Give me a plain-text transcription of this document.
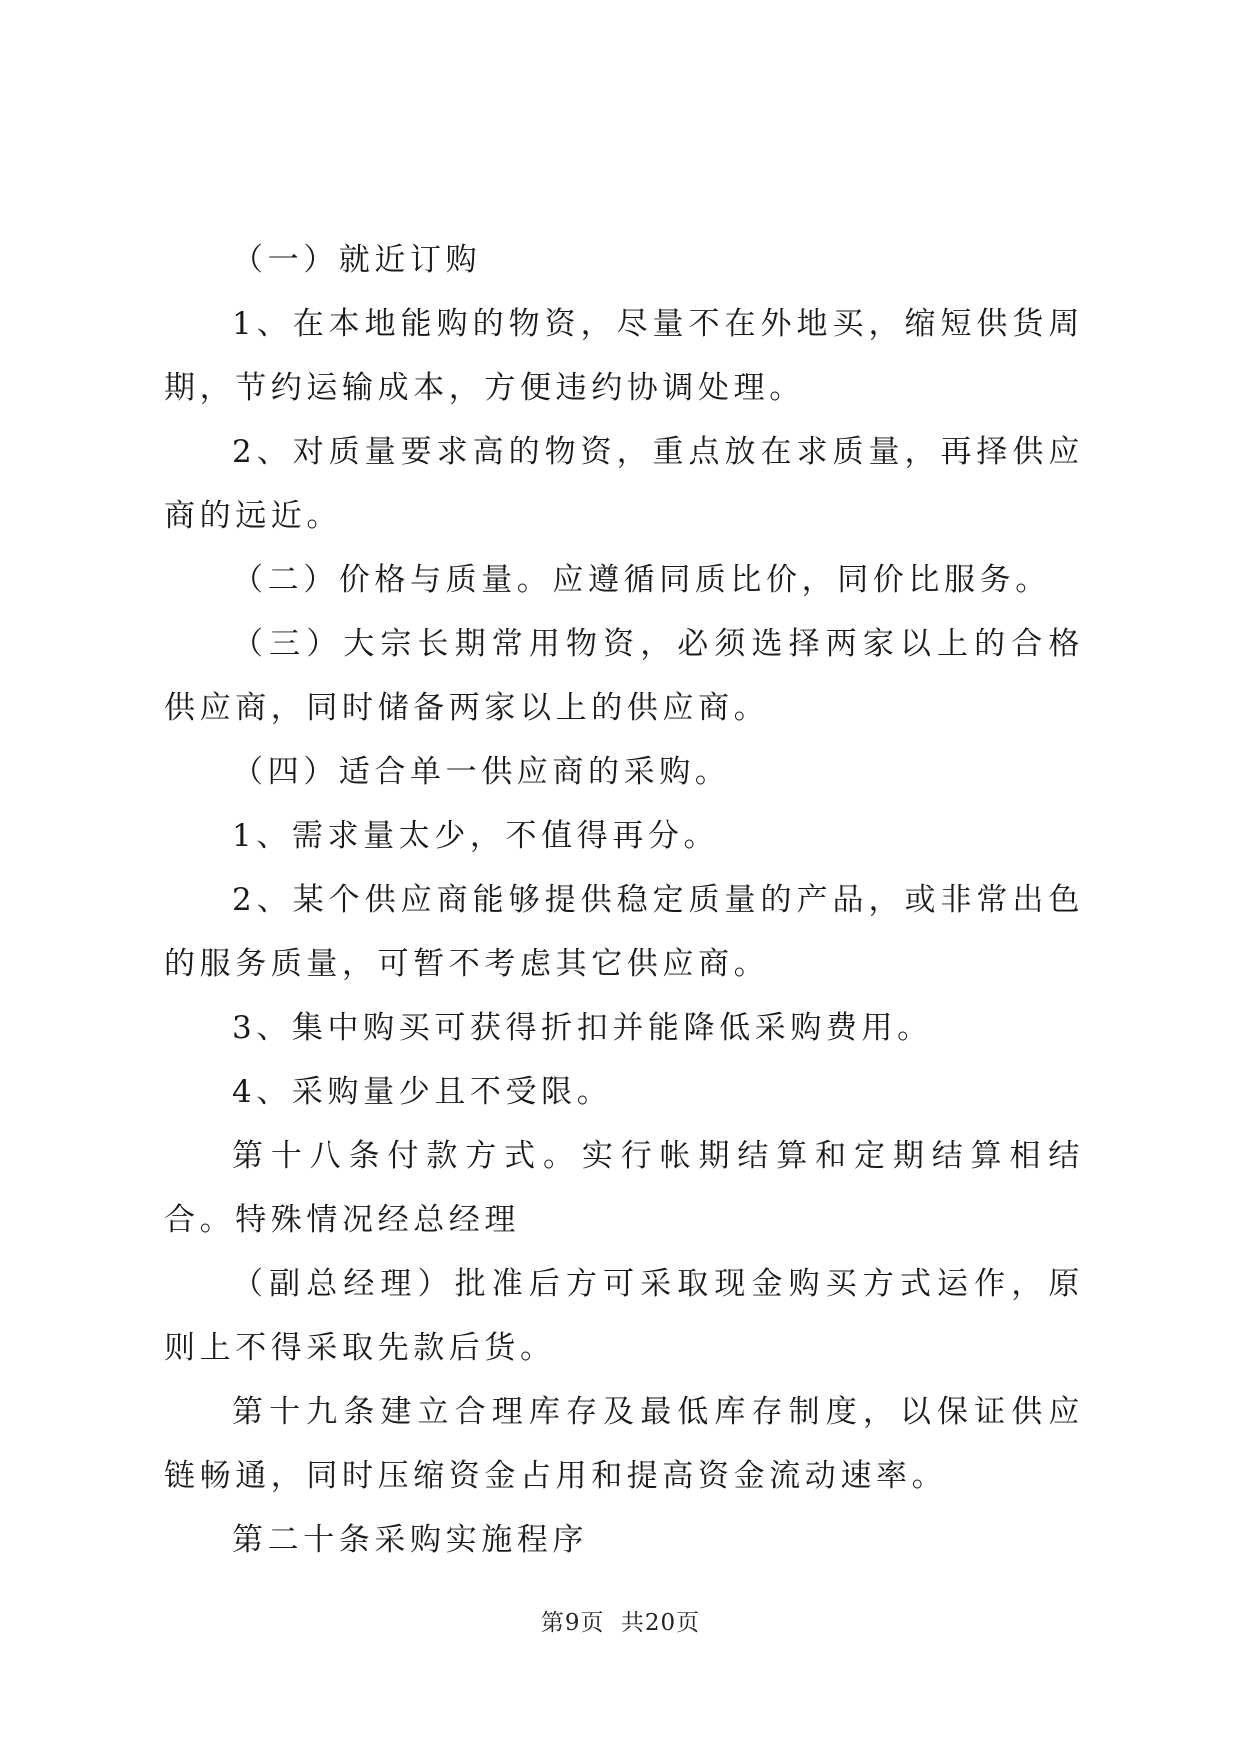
（一）就近订购

1、在本地能购的物资，尽量不在外地买，缩短供货周期，节约运输成本，方便违约协调处理。

2、对质量要求高的物资，重点放在求质量，再择供应商的远近。

（二）价格与质量。应遵循同质比价，同价比服务。

（三）大宗长期常用物资，必须选择两家以上的合格供应商，同时储备两家以上的供应商。

（四）适合单一供应商的采购。

1、需求量太少，不值得再分。

2、某个供应商能够提供稳定质量的产品，或非常出色的服务质量，可暂不考虑其它供应商。

3、集中购买可获得折扣并能降低采购费用。

4、采购量少且不受限。

第十八条付款方式。实行帐期结算和定期结算相结合。特殊情况经总经理

（副总经理）批准后方可采取现金购买方式运作，原则上不得采取先款后货。

第十九条建立合理库存及最低库存制度，以保证供应链畅通，同时压缩资金占用和提高资金流动速率。

第二十条采购实施程序

第9页 共20页
